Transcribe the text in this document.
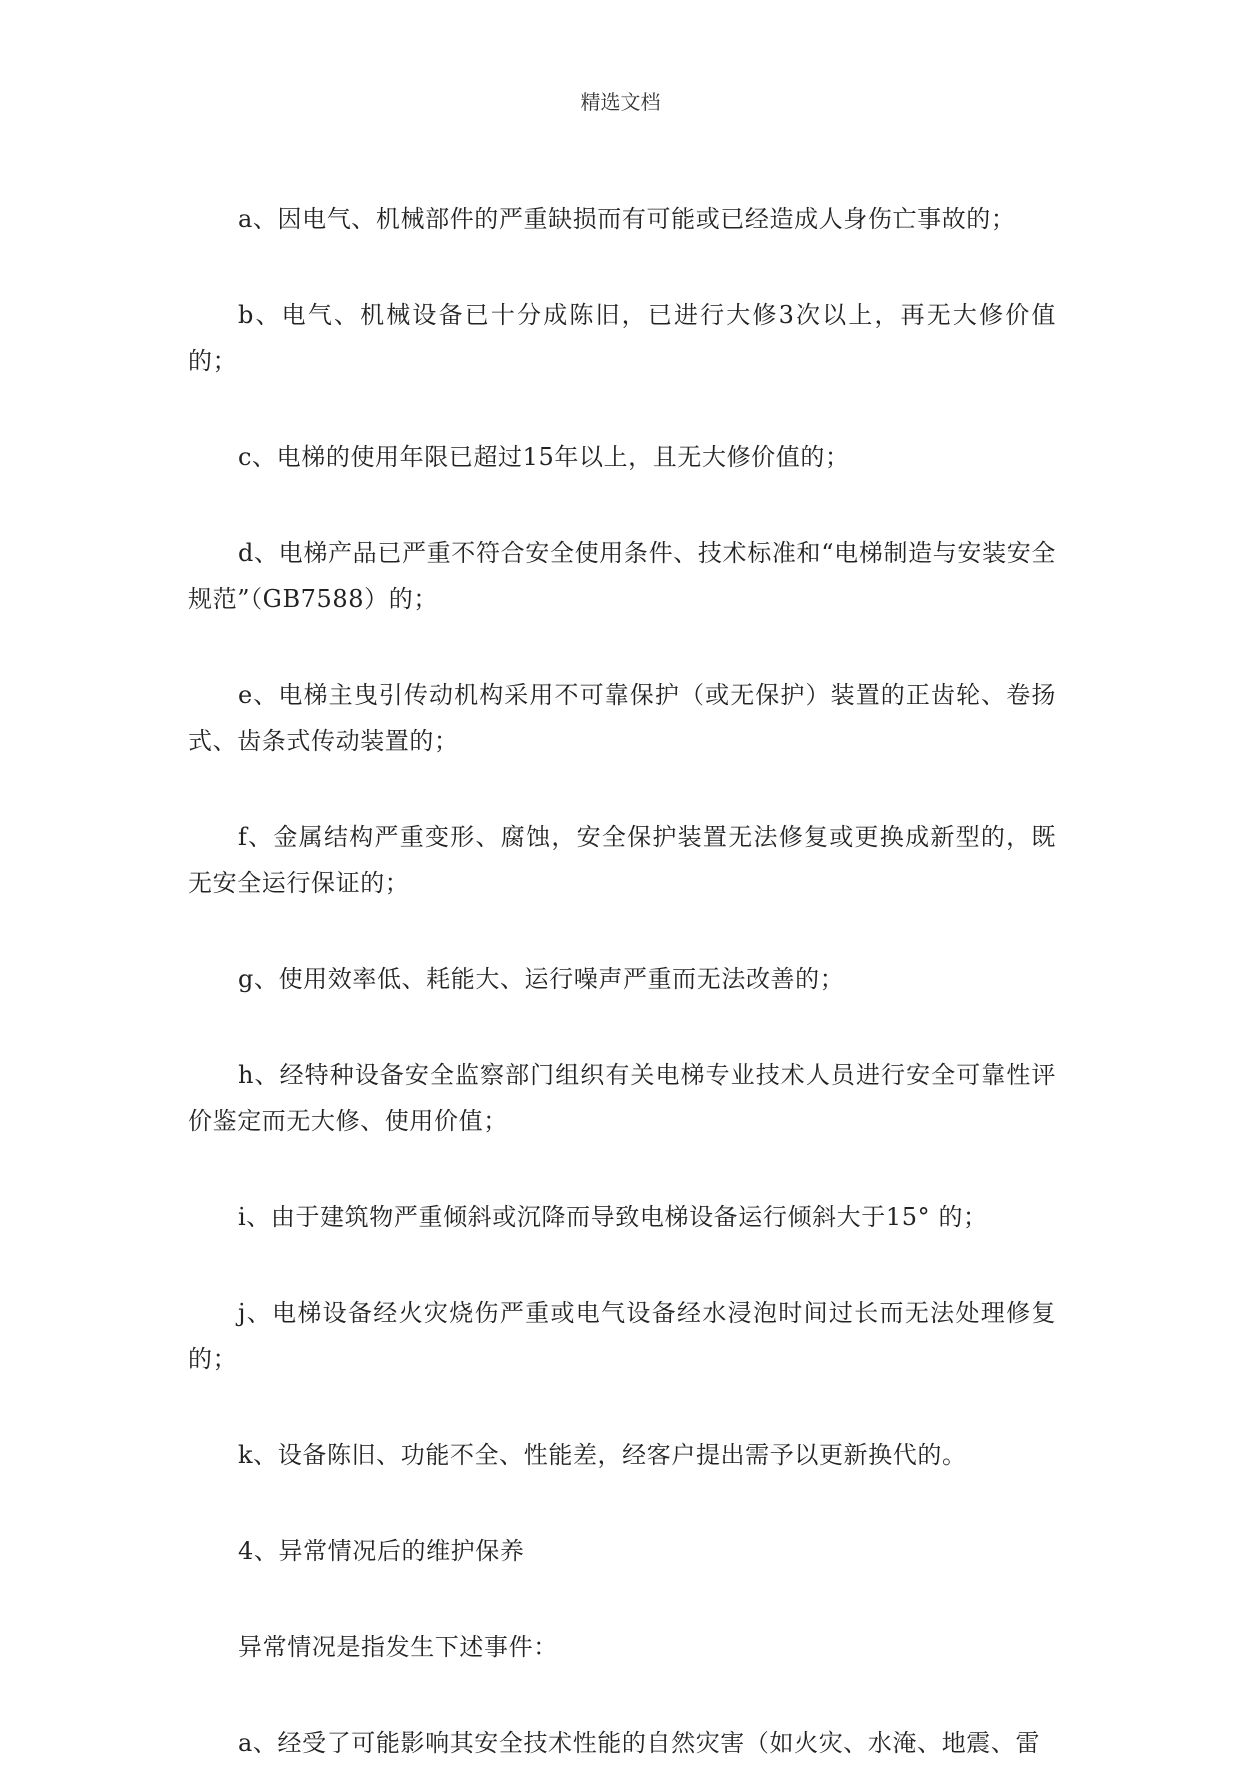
精选文档

a、因电气、机械部件的严重缺损而有可能或已经造成人身伤亡事故的；

b、电气、机械设备已十分成陈旧，已进行大修3次以上，再无大修价值的；

c、电梯的使用年限已超过15年以上，且无大修价值的；

d、电梯产品已严重不符合安全使用条件、技术标准和“电梯制造与安装安全规范”（GB7588）的；

e、电梯主曳引传动机构采用不可靠保护（或无保护）装置的正齿轮、卷扬式、齿条式传动装置的；

f、金属结构严重变形、腐蚀，安全保护装置无法修复或更换成新型的，既无安全运行保证的；

g、使用效率低、耗能大、运行噪声严重而无法改善的；

h、经特种设备安全监察部门组织有关电梯专业技术人员进行安全可靠性评价鉴定而无大修、使用价值；

i、由于建筑物严重倾斜或沉降而导致电梯设备运行倾斜大于15° 的；

j、电梯设备经火灾烧伤严重或电气设备经水浸泡时间过长而无法处理修复的；

k、设备陈旧、功能不全、性能差，经客户提出需予以更新换代的。

4、异常情况后的维护保养

异常情况是指发生下述事件：

a、经受了可能影响其安全技术性能的自然灾害（如火灾、水淹、地震、雷
